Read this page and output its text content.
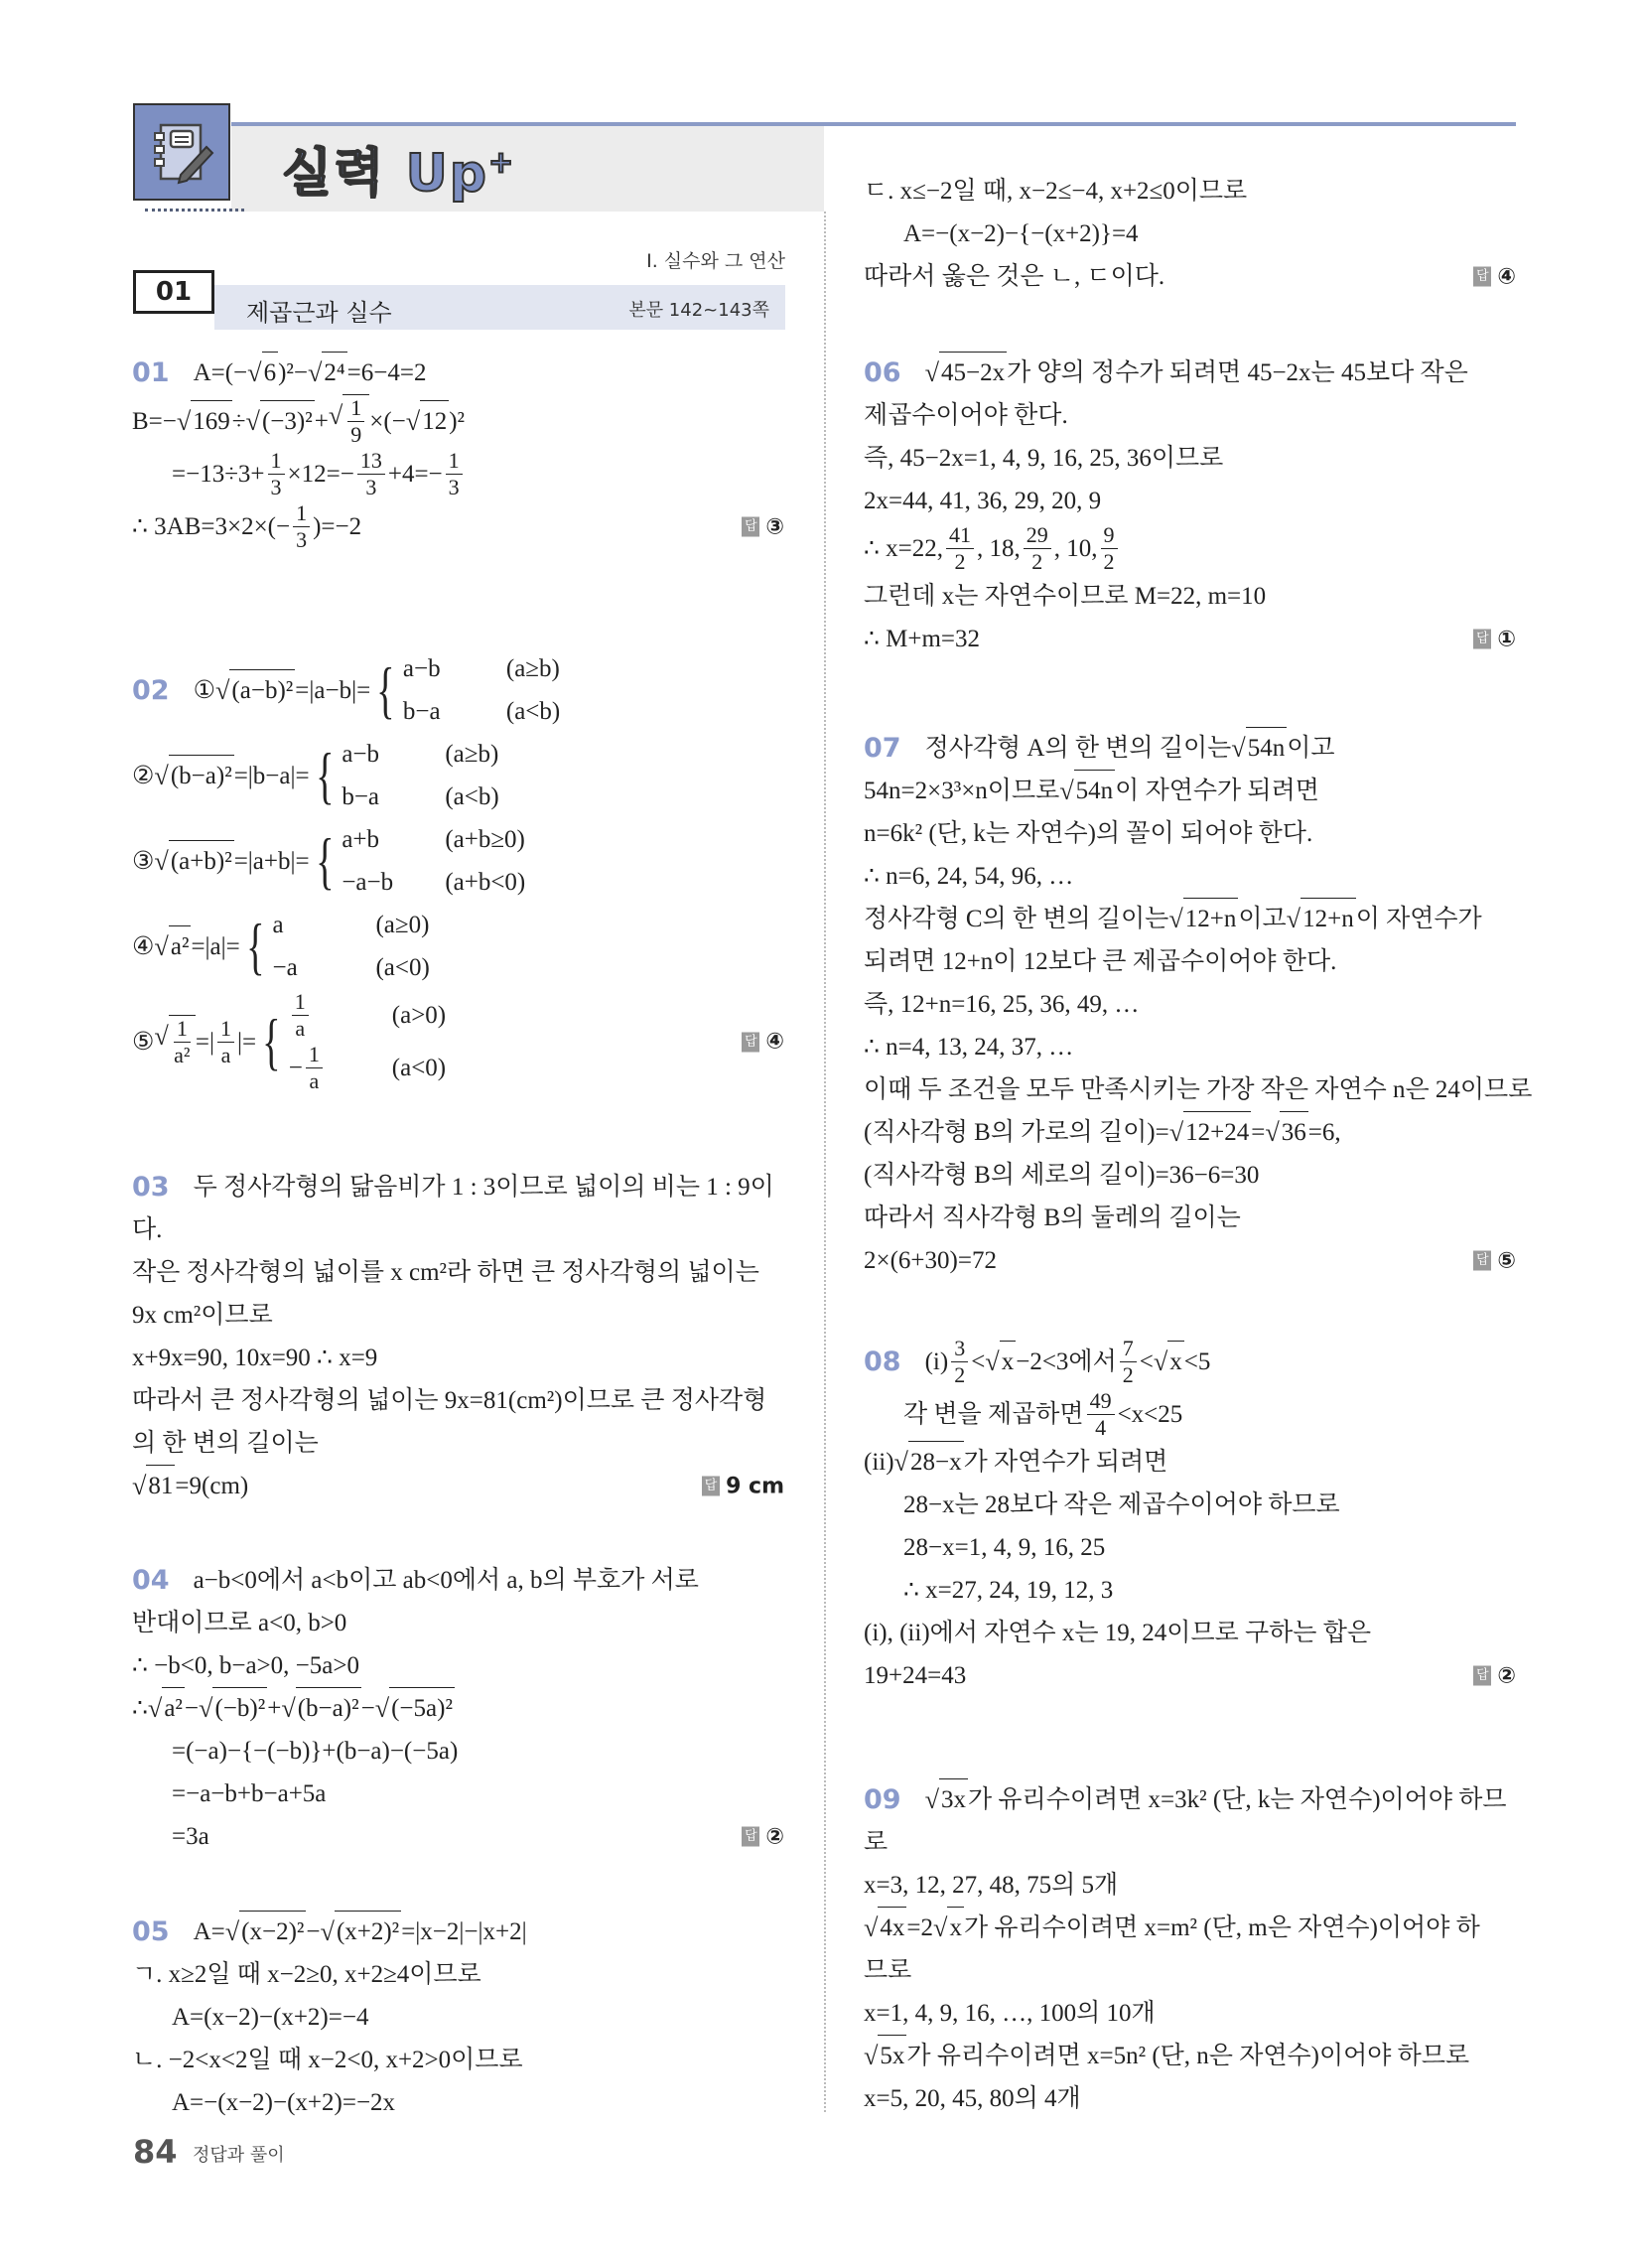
실력 Up+
Ⅰ. 실수와 그 연산
01
제곱근과 실수	본문 142~143쪽
01 A=(− √ 6 )²− √ 2⁴ =6−4=2
B=− √ 169 ÷ √ (−3)² + √ $\frac{1}{9}$ ×(− √ 12 )²
$=-13\div 3+ \frac{1}{3} \times 12=- \frac{13}{3} +4=- \frac{1}{3}$
∴ $3AB=3\times 2\times(- \frac{1}{3} )=-2$	답 ③
02 ① √ (a−b)² =|a−b|= { a−b	(a≥b)
b−a	(a<b)
② √ (b−a)² =|b−a|= { a−b	(a≥b)
b−a	(a<b)
③ √ (a+b)² =|a+b|= { a+b	(a+b≥0)
−a−b (a+b<0)
④ √ a² =|a|= { a	(a≥0)
−a	(a<0)
⑤ √ $\frac{1}{\text{a²}}$ =| $\frac{1}{a}$ |= { $\frac{1}{a}$	(a>0)
− $\frac{1}{a}$	(a<0)
답 ④
03 두 정사각형의 닮음비가 1 : 3이므로 넓이의 비는 1 : 9이
다.
작은 정사각형의 넓이를 x cm²라 하면 큰 정사각형의 넓이는
9x cm²이므로
x+9x=90, 10x=90 ∴ x=9
따라서 큰 정사각형의 넓이는 9x=81(cm²)이므로 큰 정사각형
의 한 변의 길이는
√ 81 =9(cm)	답 9 cm
04 a−b<0에서 a<b이고 ab<0에서 a, b의 부호가 서로
반대이므로 a<0, b>0
∴ −b<0, b−a>0, −5a>0
∴ √ a² − √ (−b)² + √ (b−a)² − √ (−5a)²
=(−a)−{−(−b)}+(b−a)−(−5a)
=−a−b+b−a+5a
=3a	답 ②
05 A= √ (x−2)² − √ (x+2)² =|x−2|−|x+2|
ㄱ. x≥2일 때 x−2≥0, x+2≥4이므로
A=(x−2)−(x+2)=−4
ㄴ. −2<x<2일 때 x−2<0, x+2>0이므로
A=−(x−2)−(x+2)=−2x
ㄷ. x≤−2일 때, x−2≤−4, x+2≤0이므로
A=−(x−2)−{−(x+2)}=4
따라서 옳은 것은 ㄴ, ㄷ이다.	답 ④
06 √ 45−2x 가 양의 정수가 되려면 45−2x는 45보다 작은
제곱수이어야 한다.
즉, 45−2x=1, 4, 9, 16, 25, 36이므로
2x=44, 41, 36, 29, 20, 9
∴ x=22, $\frac{41}{2}$ , 18, $\frac{29}{2}$ , 10, $\frac{9}{2}$
그런데 x는 자연수이므로 M=22, m=10
∴ M+m=32	답 ①
07 정사각형 A의 한 변의 길이는 √ 54n 이고
54n=2×3³×n이므로 √ 54n 이 자연수가 되려면
n=6k² (단, k는 자연수)의 꼴이 되어야 한다.
∴ n=6, 24, 54, 96, …
정사각형 C의 한 변의 길이는 √ 12+n 이고 √ 12+n 이 자연수가
되려면 12+n이 12보다 큰 제곱수이어야 한다.
즉, 12+n=16, 25, 36, 49, …
∴ n=4, 13, 24, 37, …
이때 두 조건을 모두 만족시키는 가장 작은 자연수 n은 24이므로
(직사각형 B의 가로의 길이)= √ 12+24 = √ 36 =6,
(직사각형 B의 세로의 길이)=36−6=30
따라서 직사각형 B의 둘레의 길이는
2×(6+30)=72	답 ⑤
08 $(i) \frac{3}{2}$ < √ x −2<3에서 $\frac{7}{2}$ < √ x <5
각 변을 제곱하면 $\frac{49}{4} <x<25$
(ii) √ 28−x 가 자연수가 되려면
28−x는 28보다 작은 제곱수이어야 하므로
28−x=1, 4, 9, 16, 25
∴ x=27, 24, 19, 12, 3
(i), (ii)에서 자연수 x는 19, 24이므로 구하는 합은
19+24=43	답 ②
09 √ 3x 가 유리수이려면 x=3k² (단, k는 자연수)이어야 하므
로
x=3, 12, 27, 48, 75의 5개
√ 4x =2 √ x 가 유리수이려면 x=m² (단, m은 자연수)이어야 하
므로
x=1, 4, 9, 16, …, 100의 10개
√ 5x 가 유리수이려면 x=5n² (단, n은 자연수)이어야 하므로
x=5, 20, 45, 80의 4개
84 정답과 풀이
